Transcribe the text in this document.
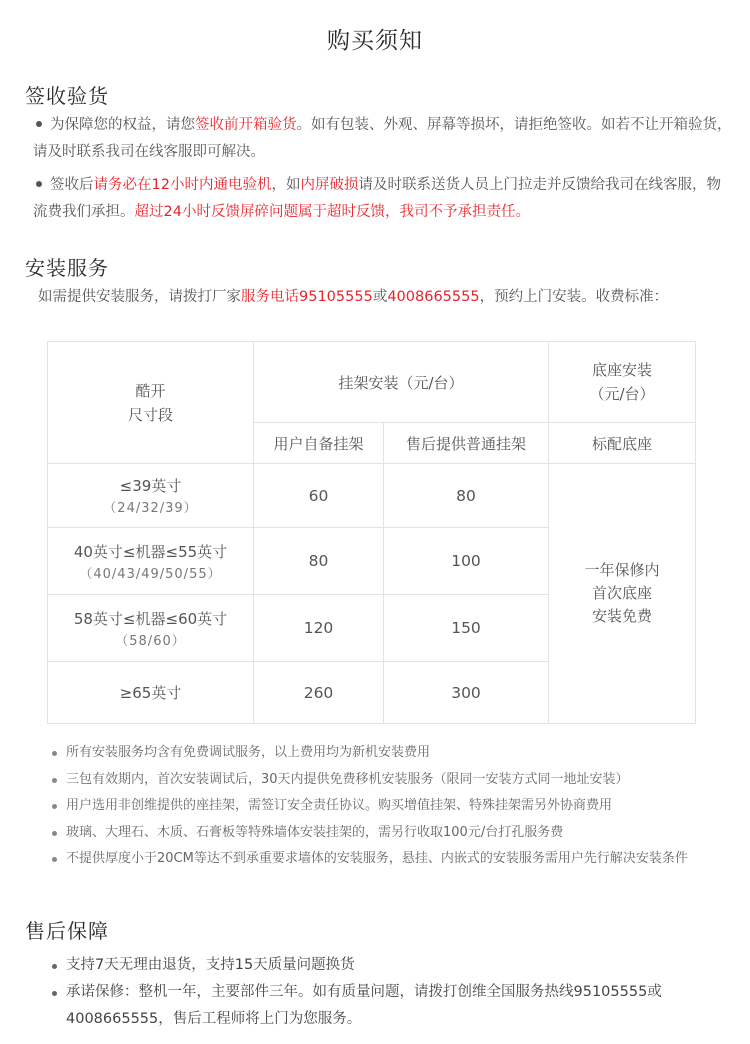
购买须知
签收验货
为保障您的权益，请您签收前开箱验货。如有包装、外观、屏幕等损坏，请拒绝签收。如若不让开箱验货，请及时联系我司在线客服即可解决。
签收后请务必在12小时内通电验机，如内屏破损请及时联系送货人员上门拉走并反馈给我司在线客服，物流费我们承担。超过24小时反馈屏碎问题属于超时反馈，我司不予承担责任。
安装服务
如需提供安装服务，请拨打厂家服务电话95105555或4008665555，预约上门安装。收费标准：
酷开
尺寸段	挂架安装（元/台）		底座安装
（元/台）

	用户自备挂架	售后提供普通挂架	标配底座

≤39英寸
（24/32/39）	60	80	一年保修内
首次底座
安装免费

40英寸≤机器≤55英寸
（40/43/49/50/55）	80	100	

58英寸≤机器≤60英寸
（58/60）	120	150	

≥65英寸	260	300	
所有安装服务均含有免费调试服务，以上费用均为新机安装费用
三包有效期内，首次安装调试后，30天内提供免费移机安装服务（限同一安装方式同一地址安装）
用户选用非创维提供的座挂架，需签订安全责任协议。购买增值挂架、特殊挂架需另外协商费用
玻璃、大理石、木质、石膏板等特殊墙体安装挂架的，需另行收取100元/台打孔服务费
不提供厚度小于20CM等达不到承重要求墙体的安装服务，悬挂、内嵌式的安装服务需用户先行解决安装条件
售后保障
支持7天无理由退货，支持15天质量问题换货
承诺保修：整机一年，主要部件三年。如有质量问题，请拨打创维全国服务热线95105555或4008665555，售后工程师将上门为您服务。
